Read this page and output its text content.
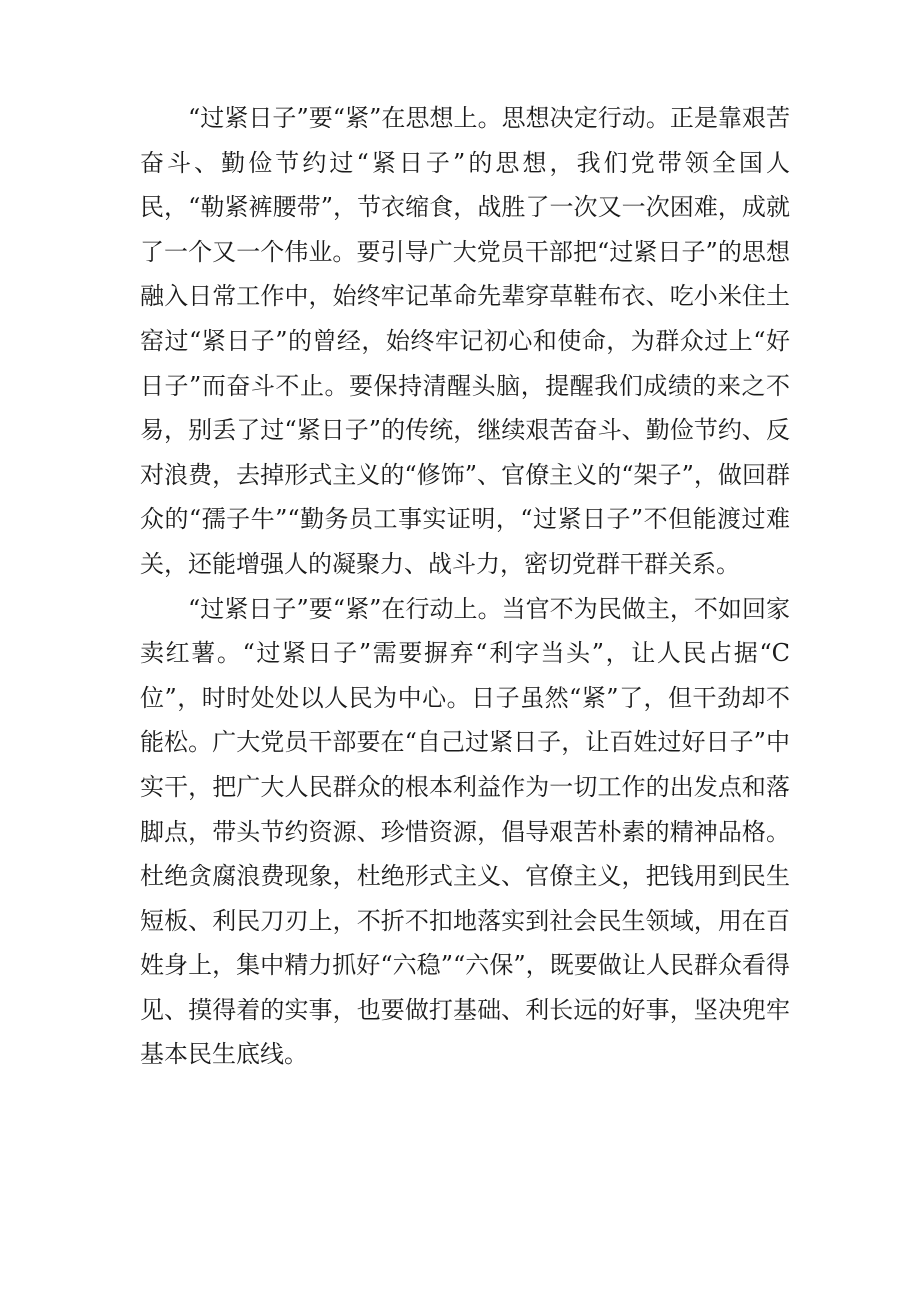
“过紧日子”要“紧”在思想上。思想决定行动。正是靠艰苦奋斗、勤俭节约过“紧日子”的思想，我们党带领全国人民，“勒紧裤腰带”，节衣缩食，战胜了一次又一次困难，成就了一个又一个伟业。要引导广大党员干部把“过紧日子”的思想融入日常工作中，始终牢记革命先辈穿草鞋布衣、吃小米住土窑过“紧日子”的曾经，始终牢记初心和使命，为群众过上“好日子”而奋斗不止。要保持清醒头脑，提醒我们成绩的来之不易，别丢了过“紧日子”的传统，继续艰苦奋斗、勤俭节约、反对浪费，去掉形式主义的“修饰”、官僚主义的“架子”，做回群众的“孺子牛”“勤务员工事实证明，“过紧日子”不但能渡过难关，还能增强人的凝聚力、战斗力，密切党群干群关系。

“过紧日子”要“紧”在行动上。当官不为民做主，不如回家卖红薯。“过紧日子”需要摒弃“利字当头”，让人民占据“C位”，时时处处以人民为中心。日子虽然“紧”了，但干劲却不能松。广大党员干部要在“自己过紧日子，让百姓过好日子”中实干，把广大人民群众的根本利益作为一切工作的出发点和落脚点，带头节约资源、珍惜资源，倡导艰苦朴素的精神品格。杜绝贪腐浪费现象，杜绝形式主义、官僚主义，把钱用到民生短板、利民刀刃上，不折不扣地落实到社会民生领域，用在百姓身上，集中精力抓好“六稳”“六保”，既要做让人民群众看得见、摸得着的实事，也要做打基础、利长远的好事，坚决兜牢基本民生底线。
